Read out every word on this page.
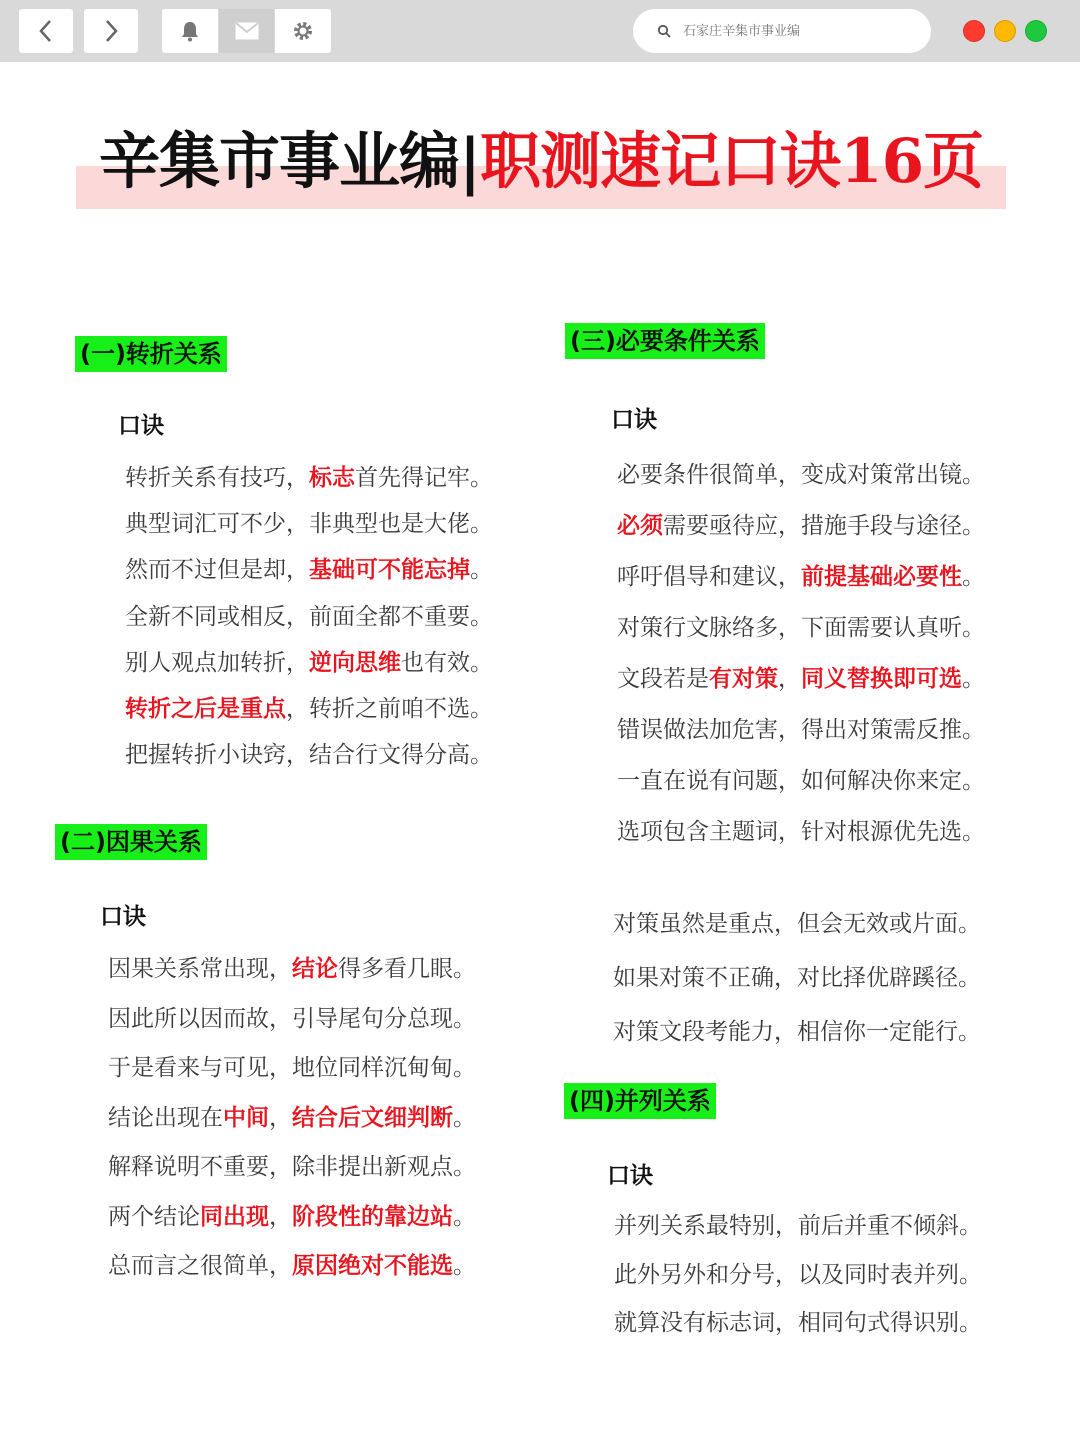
石家庄辛集市事业编
辛集市事业编|职测速记口诀16页
(一)转折关系
口诀
(二)因果关系
口诀
(三)必要条件关系
口诀
(四)并列关系
口诀
转折关系有技巧，标志首先得记牢。
典型词汇可不少，非典型也是大佬。
然而不过但是却，基础可不能忘掉。
全新不同或相反，前面全都不重要。
别人观点加转折，逆向思维也有效。
转折之后是重点，转折之前咱不选。
把握转折小诀窍，结合行文得分高。
因果关系常出现，结论得多看几眼。
因此所以因而故，引导尾句分总现。
于是看来与可见，地位同样沉甸甸。
结论出现在中间，结合后文细判断。
解释说明不重要，除非提出新观点。
两个结论同出现，阶段性的靠边站。
总而言之很简单，原因绝对不能选。
必要条件很简单，变成对策常出镜。
必须需要亟待应，措施手段与途径。
呼吁倡导和建议，前提基础必要性。
对策行文脉络多，下面需要认真听。
文段若是有对策，同义替换即可选。
错误做法加危害，得出对策需反推。
一直在说有问题，如何解决你来定。
选项包含主题词，针对根源优先选。
对策虽然是重点，但会无效或片面。
如果对策不正确，对比择优辟蹊径。
对策文段考能力，相信你一定能行。
并列关系最特别，前后并重不倾斜。
此外另外和分号，以及同时表并列。
就算没有标志词，相同句式得识别。
